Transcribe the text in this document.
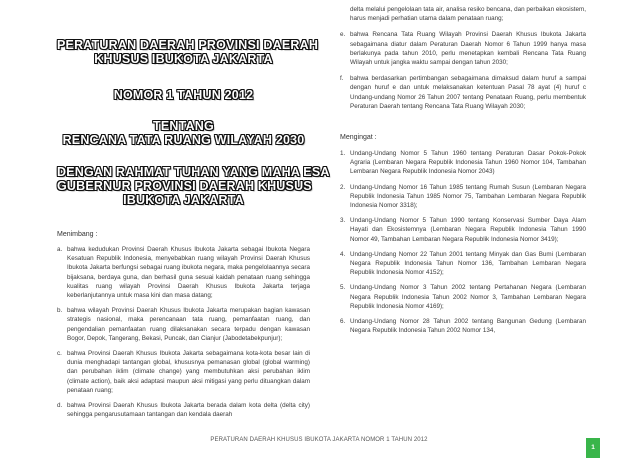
PERATURAN DAERAH PROVINSI DAERAH
KHUSUS IBUKOTA JAKARTA
NOMOR 1 TAHUN 2012
TENTANG
RENCANA TATA RUANG WILAYAH 2030
DENGAN RAHMAT TUHAN YANG MAHA ESA
GUBERNUR PROVINSI DAERAH KHUSUS
IBUKOTA JAKARTA
Menimbang :
a. bahwa kedudukan Provinsi Daerah Khusus Ibukota Jakarta sebagai Ibukota Negara Kesatuan Republik Indonesia, menyebabkan ruang wilayah Provinsi Daerah Khusus Ibukota Jakarta berfungsi sebagai ruang ibukota negara, maka pengelolaannya secara bijaksana, berdaya guna, dan berhasil guna sesuai kaidah penataan ruang sehingga kualitas ruang wilayah Provinsi Daerah Khusus Ibukota Jakarta terjaga keberlanjutannya untuk masa kini dan masa datang;
b. bahwa wilayah Provinsi Daerah Khusus Ibukota Jakarta merupakan bagian kawasan strategis nasional, maka perencanaan tata ruang, pemanfaatan ruang, dan pengendalian pemanfaatan ruang dilaksanakan secara terpadu dengan kawasan Bogor, Depok, Tangerang, Bekasi, Puncak, dan Cianjur (Jabodetabekpunjur);
c. bahwa Provinsi Daerah Khusus Ibukota Jakarta sebagaimana kota-kota besar lain di dunia menghadapi tantangan global, khususnya pemanasan global (global warming) dan perubahan iklim (climate change) yang membutuhkan aksi perubahan iklim (climate action), baik aksi adaptasi maupun aksi mitigasi yang perlu dituangkan dalam penataan ruang;
d. bahwa Provinsi Daerah Khusus Ibukota Jakarta berada dalam kota delta (delta city) sehingga pengarusutamaan tantangan dan kendala daerah
delta melalui pengelolaan tata air, analisa resiko bencana, dan perbaikan ekosistem, harus menjadi perhatian utama dalam penataan ruang;
e. bahwa Rencana Tata Ruang Wilayah Provinsi Daerah Khusus Ibukota Jakarta sebagaimana diatur dalam Peraturan Daerah Nomor 6 Tahun 1999 hanya masa berlakunya pada tahun 2010, perlu menetapkan kembali Rencana Tata Ruang Wilayah untuk jangka waktu sampai dengan tahun 2030;
f. bahwa berdasarkan pertimbangan sebagaimana dimaksud dalam huruf a sampai dengan huruf e dan untuk melaksanakan ketentuan Pasal 78 ayat (4) huruf c Undang-undang Nomor 26 Tahun 2007 tentang Penataan Ruang, perlu membentuk Peraturan Daerah tentang Rencana Tata Ruang Wilayah 2030;
Mengingat :
1. Undang-Undang Nomor 5 Tahun 1960 tentang Peraturan Dasar Pokok-Pokok Agraria (Lembaran Negara Republik Indonesia Tahun 1960 Nomor 104, Tambahan Lembaran Negara Republik Indonesia Nomor 2043)
2. Undang-Undang Nomor 16 Tahun 1985 tentang Rumah Susun (Lembaran Negara Republik Indonesia Tahun 1985 Nomor 75, Tambahan Lembaran Negara Republik Indonesia Nomor 3318);
3. Undang-Undang Nomor 5 Tahun 1990 tentang Konservasi Sumber Daya Alam Hayati dan Ekosistemnya (Lembaran Negara Republik Indonesia Tahun 1990 Nomor 49, Tambahan Lembaran Negara Republik Indonesia Nomor 3419);
4. Undang-Undang Nomor 22 Tahun 2001 tentang Minyak dan Gas Bumi (Lembaran Negara Republik Indonesia Tahun Nomor 136, Tambahan Lembaran Negara Republik Indonesia Nomor 4152);
5. Undang-Undang Nomor 3 Tahun 2002 tentang Pertahanan Negara (Lembaran Negara Republik Indonesia Tahun 2002 Nomor 3, Tambahan Lembaran Negara Republik Indonesia Nomor 4169);
6. Undang-Undang Nomor 28 Tahun 2002 tentang Bangunan Gedung (Lembaran Negara Republik Indonesia Tahun 2002 Nomor 134,
PERATURAN DAERAH KHUSUS IBUKOTA JAKARTA NOMOR 1 TAHUN 2012
1
